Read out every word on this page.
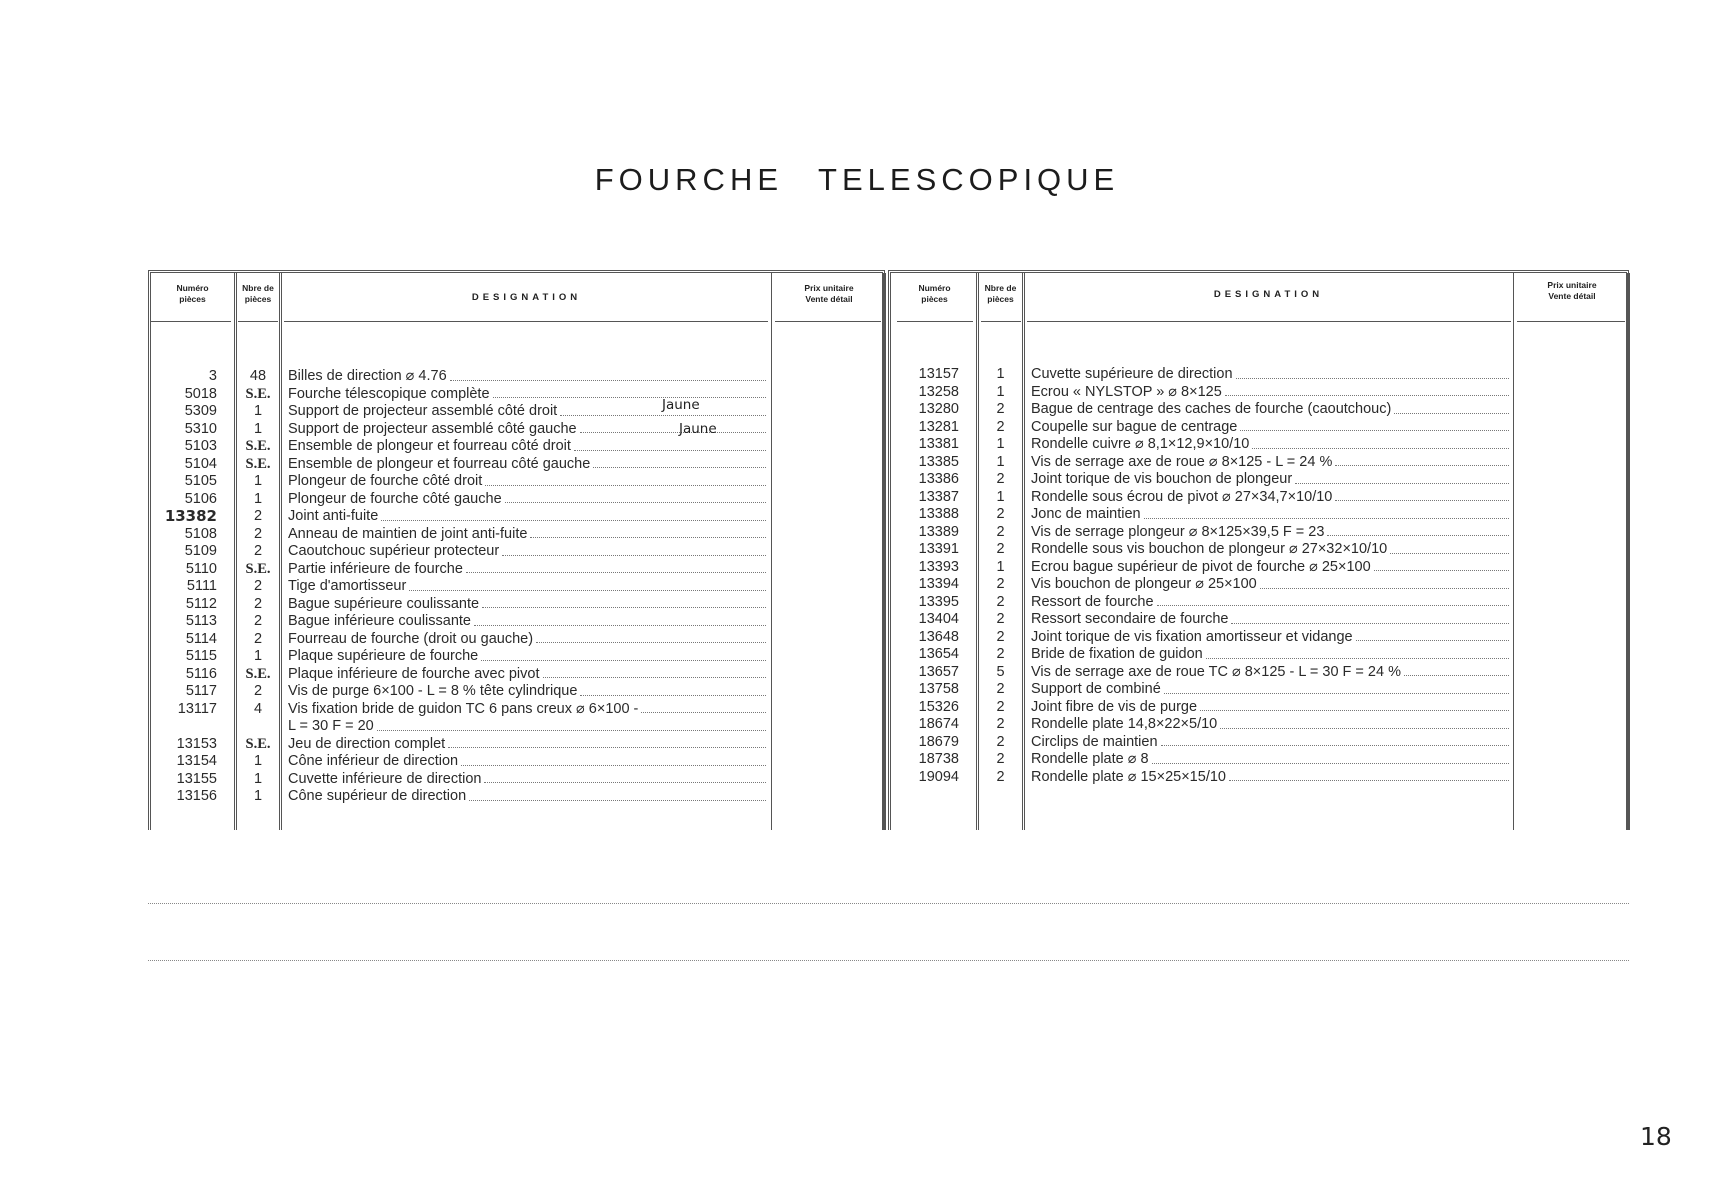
FOURCHE TELESCOPIQUE
Numéro
pièces
Nbre de
pièces	DESIGNATION
Prix unitaire
Vente détail
3	48	Billes de direction ⌀ 4.76
5018	S.E.	Fourche télescopique complète
5309	1	Support de projecteur assemblé côté droit
5310	1	Support de projecteur assemblé côté gauche
5103	S.E.	Ensemble de plongeur et fourreau côté droit
5104	S.E.	Ensemble de plongeur et fourreau côté gauche
5105	1	Plongeur de fourche côté droit
5106	1	Plongeur de fourche côté gauche
13382	2	Joint anti-fuite
5108	2	Anneau de maintien de joint anti-fuite
5109	2	Caoutchouc supérieur protecteur
5110	S.E.	Partie inférieure de fourche
5111	2	Tige d'amortisseur
5112	2	Bague supérieure coulissante
5113	2	Bague inférieure coulissante
5114	2	Fourreau de fourche (droit ou gauche)
5115	1	Plaque supérieure de fourche
5116	S.E.	Plaque inférieure de fourche avec pivot
5117	2	Vis de purge 6×100 - L = 8 % tête cylindrique
13117	4	Vis fixation bride de guidon TC 6 pans creux ⌀ 6×100 -
L = 30 F = 20
13153	S.E.	Jeu de direction complet
13154	1	Cône inférieur de direction
13155	1	Cuvette inférieure de direction
13156	1	Cône supérieur de direction
Numéro
pièces
Nbre de
pièces	DESIGNATION
Prix unitaire
Vente détail
13157	1	Cuvette supérieure de direction
13258	1	Ecrou « NYLSTOP » ⌀ 8×125
13280	2	Bague de centrage des caches de fourche (caoutchouc)
13281	2	Coupelle sur bague de centrage
13381	1	Rondelle cuivre ⌀ 8,1×12,9×10/10
13385	1	Vis de serrage axe de roue ⌀ 8×125 - L = 24 %
13386	2	Joint torique de vis bouchon de plongeur
13387	1	Rondelle sous écrou de pivot ⌀ 27×34,7×10/10
13388	2	Jonc de maintien
13389	2	Vis de serrage plongeur ⌀ 8×125×39,5 F = 23
13391	2	Rondelle sous vis bouchon de plongeur ⌀ 27×32×10/10
13393	1	Ecrou bague supérieur de pivot de fourche ⌀ 25×100
13394	2	Vis bouchon de plongeur ⌀ 25×100
13395	2	Ressort de fourche
13404	2	Ressort secondaire de fourche
13648	2	Joint torique de vis fixation amortisseur et vidange
13654	2	Bride de fixation de guidon
13657	5	Vis de serrage axe de roue TC ⌀ 8×125 - L = 30 F = 24 %
13758	2	Support de combiné
15326	2	Joint fibre de vis de purge
18674	2	Rondelle plate 14,8×22×5/10
18679	2	Circlips de maintien
18738	2	Rondelle plate ⌀ 8
19094	2	Rondelle plate ⌀ 15×25×15/10
Jaune
Jaune
18
